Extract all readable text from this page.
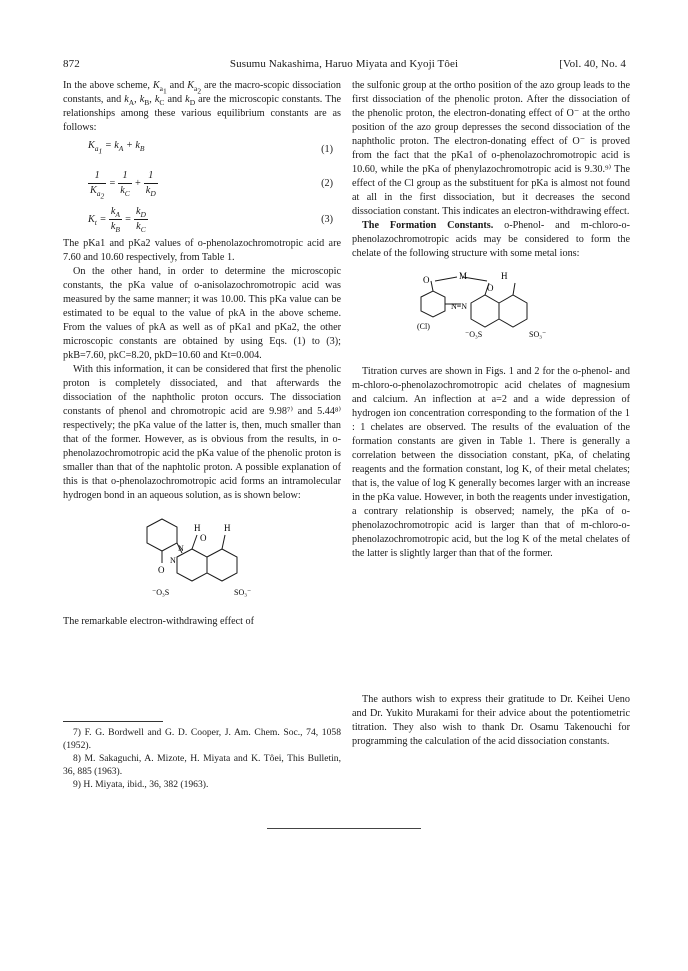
872	Susumu Nakashima, Haruo Miyata and Kyoji Tôei	[Vol. 40, No. 4

In the above scheme, $K_{a_1}$ and $K_{a_2}$ are the macro-scopic dissociation constants, and $k_A$, $k_B$, $k_C$ and $k_D$ are the microscopic constants. The relationships among these various equilibrium constants are as follows:

$K_{a_1} = k_A + k_B$	(1)
$\frac{1}{K_{a_2}} = \frac{1}{k_C} + \frac{1}{k_D}$	(2)
$K_t = \frac{k_A}{k_B} = \frac{k_D}{k_C}$	(3)

The pKa1 and pKa2 values of o-phenolazochromotropic acid are 7.60 and 10.60 respectively, from Table 1.

On the other hand, in order to determine the microscopic constants, the pKa value of o-anisolazochromotropic acid was measured by the same manner; it was 10.00. This pKa value can be estimated to be equal to the value of pkA in the above scheme. From the values of pkA as well as of pKa1 and pKa2, the other microscopic constants are obtained by using Eqs. (1) to (3); pkB=7.60, pkC=8.20, pkD=10.60 and Kt=0.004.

With this information, it can be considered that first the phenolic proton is completely dissociated, and that afterwards the dissociation of the naphtholic proton occurs. The dissociation constants of phenol and chromotropic acid are 9.98⁷⁾ and 5.44⁸⁾ respectively; the pKa value of the latter is, then, much smaller than that of the former. However, as is obvious from the results, in o-phenolazochromotropic acid the pKa value of the phenolic proton is smaller than that of the naphtolic proton. A possible explanation of this is that o-phenolazochromotropic acid forms an intramolecular hydrogen bond in an aqueous solution, as is shown below:

H	H
O
O
N
N
⁻O₃S	SO₃⁻

The remarkable electron-withdrawing effect of

7) F. G. Bordwell and G. D. Cooper, J. Am. Chem. Soc., 74, 1058 (1952).

8) M. Sakaguchi, A. Mizote, H. Miyata and K. Tôei, This Bulletin, 36, 885 (1963).

9) H. Miyata, ibid., 36, 382 (1963).

the sulfonic group at the ortho position of the azo group leads to the first dissociation of the phenolic proton. After the dissociation of the phenolic proton, the electron-donating effect of O⁻ at the ortho position of the azo group depresses the second dissociation of the naphtholic proton. The electron-donating effect of O⁻ is proved from the fact that the pKa1 of o-phenolazochromotropic acid is 10.60, while the pKa of phenylazochromotropic acid is 9.30.⁹⁾ The effect of the Cl group as the substituent for pKa is almost not found at all in the first dissociation, but it decreases the second dissociation constant. This indicates an electron-withdrawing effect.

The Formation Constants. o-Phenol- and m-chloro-o-phenolazochromotropic acids may be considered to form the chelate of the following structure with some metal ions:

M	H
O
O
N=N
⁻O₃S	SO₃⁻
(Cl)

Titration curves are shown in Figs. 1 and 2 for the o-phenol- and m-chloro-o-phenolazochromotropic acid chelates of magnesium and calcium. An inflection at a=2 and a wide depression of hydrogen ion concentration corresponding to the formation of the 1 : 1 chelates are observed. The results of the evaluation of the formation constants are given in Table 1. There is generally a correlation between the dissociation constant, pKa, of chelating reagents and the formation constant, log K, of their metal chelates; that is, the value of log K generally becomes larger with an increase in the pKa value. However, in both the reagents under investigation, a contrary relationship is observed; namely, the pKa of o-phenolazochromotropic acid is larger than that of m-chloro-o-phenolazochromotropic acid, but the log K of the metal chelates of the latter is slightly larger than that of the former.

The authors wish to express their gratitude to Dr. Keihei Ueno and Dr. Yukito Murakami for their advice about the potentiometric titration. They also wish to thank Dr. Osamu Takenouchi for programming the calculation of the acid dissociation constants.
